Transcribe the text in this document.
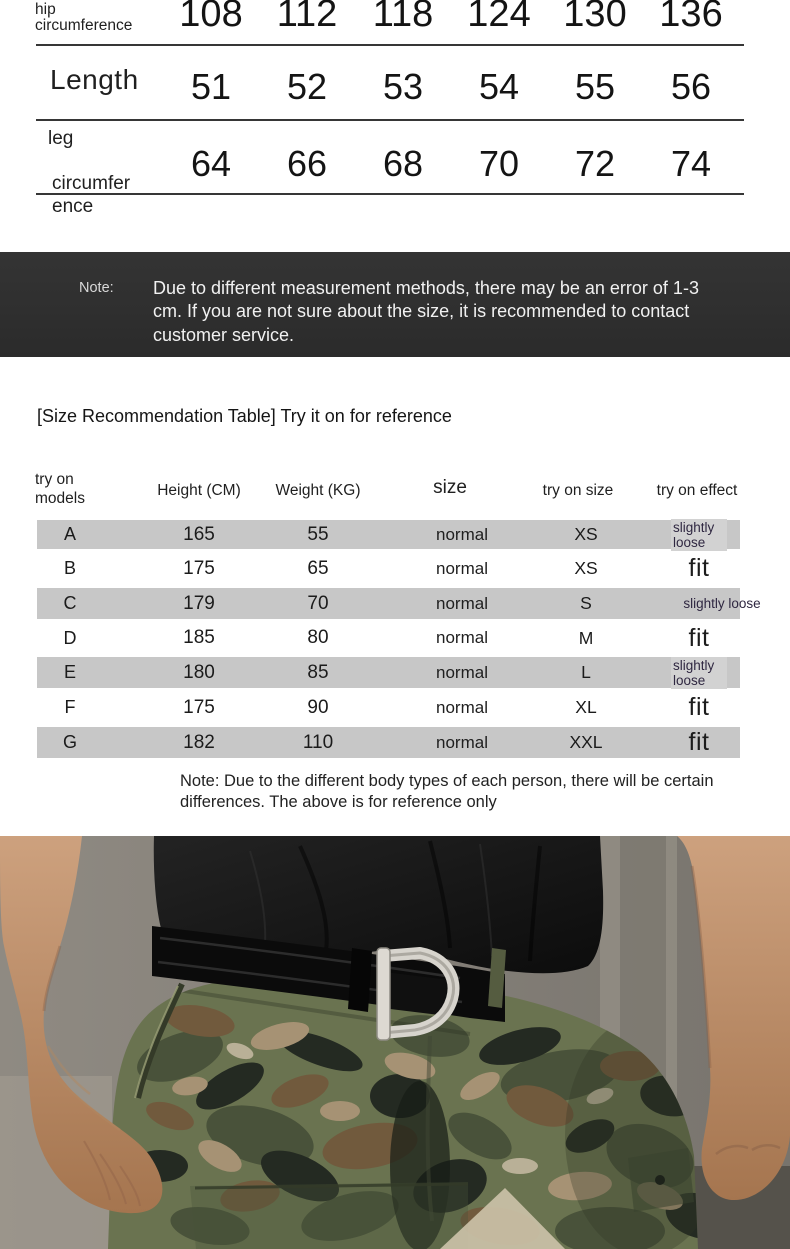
hip
circumference	108 112 118 124 130 136
Length	51	52	53	54	55	56
leg
circumfer
ence
64	66	68	70	72	74
Note: Due to different measurement methods, there may be an error of 1-3 cm. If you are not sure about the size, it is recommended to contact customer service.
[Size Recommendation Table] Try it on for reference
try on models	Height (CM)	Weight (KG)	size	try on size	try on effect
A	165	55	normal	XS	slightly loose
B	175	65	normal	XS	fit
C	179	70	normal	S	slightly loose
D	185	80	normal	M	fit
E	180	85	normal	L	slightly loose
F	175	90	normal	XL	fit
G	182	110	normal	XXL	fit
Note: Due to the different body types of each person, there will be certain differences. The above is for reference only
